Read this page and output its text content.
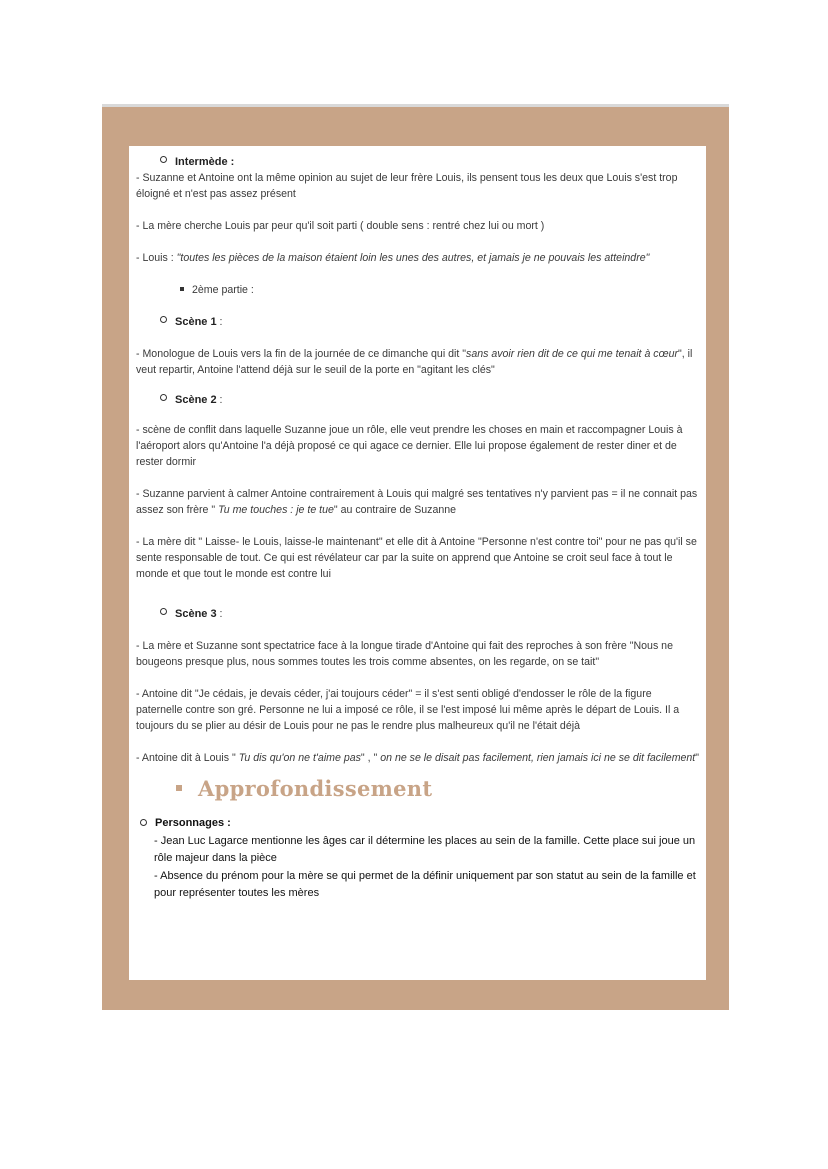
Intermède :

- Suzanne et Antoine ont la même opinion au sujet de leur frère Louis, ils pensent tous les deux que Louis s'est trop éloigné et n'est pas assez présent

- La mère cherche Louis par peur qu'il soit parti ( double sens : rentré chez lui ou mort )

- Louis : "toutes les pièces de la maison étaient loin les unes des autres, et jamais je ne pouvais les atteindre"

2ème partie :
Scène 1 :

- Monologue de Louis vers la fin de la journée de ce dimanche qui dit "sans avoir rien dit de ce qui me tenait à cœur", il veut repartir, Antoine l'attend déjà sur le seuil de la porte en "agitant les clés"

Scène 2 :

- scène de conflit dans laquelle Suzanne joue un rôle, elle veut prendre les choses en main et raccompagner Louis à l'aéroport alors qu'Antoine l'a déjà proposé ce qui agace ce dernier. Elle lui propose également de rester diner et de rester dormir

- Suzanne parvient à calmer Antoine contrairement à Louis qui malgré ses tentatives n'y parvient pas = il ne connait pas assez son frère " Tu me touches : je te tue" au contraire de Suzanne

- La mère dit " Laisse- le Louis, laisse-le maintenant" et elle dit à Antoine "Personne n'est contre toi" pour ne pas qu'il se sente responsable de tout. Ce qui est révélateur car par la suite on apprend que Antoine se croit seul face à tout le monde et que tout le monde est contre lui

Scène 3 :

- La mère et Suzanne sont spectatrice face à la longue tirade d'Antoine qui fait des reproches à son frère "Nous ne bougeons presque plus, nous sommes toutes les trois comme absentes, on les regarde, on se tait"

- Antoine dit "Je cédais, je devais céder, j'ai toujours céder" = il s'est senti obligé d'endosser le rôle de la figure paternelle contre son gré. Personne ne lui a imposé ce rôle, il se l'est imposé lui même après le départ de Louis. Il a toujours du se plier au désir de Louis pour ne pas le rendre plus malheureux qu'il ne l'était déjà

- Antoine dit à Louis " Tu dis qu'on ne t'aime pas" , " on ne se le disait pas facilement, rien jamais ici ne se dit facilement"

Approfondissement

Personnages :

- Jean Luc Lagarce mentionne les âges car il détermine les places au sein de la famille. Cette place sui joue un rôle majeur dans la pièce

- Absence du prénom pour la mère se qui permet de la définir uniquement par son statut au sein de la famille et pour représenter toutes les mères
